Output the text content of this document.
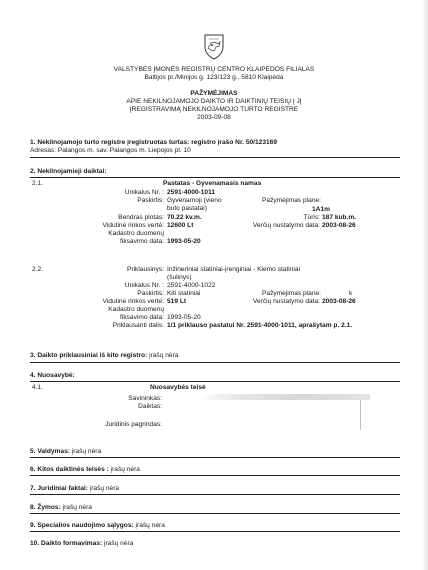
VALSTYBĖS ĮMONĖS REGISTRŲ CENTRO KLAIPĖDOS FILIALAS
Baltijos pr./Minijos g. 123/123 g., 5810 Klaipėda
PAŽYMĖJIMAS
APIE NEKILNOJAMOJO DAIKTO IR DAIKTINIŲ TEISIŲ Į JĮ
ĮREGISTRAVIMĄ NEKILNOJAMOJO TURTO REGISTRE
2003-09-08
1. Nekilnojamojo turto registre įregistruotas turtas: registro įrašo Nr. 50/123169
Adresas: Palangos m. sav. Palangos m. Liepojos pl. 10
2. Nekilnojamieji daiktai:
2.1.	Pastatas - Gyvenamasis namas
Unikalus Nr. : 2591-4000-1011
Paskirtis: Gyvenamoji (vieno
buto pastatai)
Pažymėjimas plane:
1A1m
Bendras plotas: 70.22 kv.m.	Tūris: 187 kub.m.
Vidutinė rinkos vertė: 12600 Lt	Verčių nustatymo data: 2003-08-26
Kadastro duomenų
fiksavimo data: 1993-05-20
2.2.	Priklausinys: Inžineriniai statiniai-įrenginiai - Kiemo statiniai
(šulinys)
Unikalus Nr. : 2591-4000-1022
Paskirtis: Kiti statiniai	Pažymėjimas plane:	k
Vidutinė rinkos vertė: 519 Lt	Verčių nustatymo data: 2003-08-26
Kadastro duomenų
fiksavimo data: 1993-05-20
Priklausanti dalis: 1/1 priklauso pastatui Nr. 2591-4000-1011, aprašytam p. 2.1.
3. Daikto priklausiniai iš kito registro: įrašų nėra
4. Nuosavybė:
4.1.	Nuosavybės teisė
Savininkas:
Daiktas:
Juridinis pagrindas:
5. Valdymas: įrašų nėra
6. Kitos daiktinės teisės : įrašų nėra
7. Juridiniai faktai: įrašų nėra
8. Žymos: įrašų nėra
9. Specialios naudojimo sąlygos: įrašų nėra
10. Daikto formavimas: įrašų nėra
